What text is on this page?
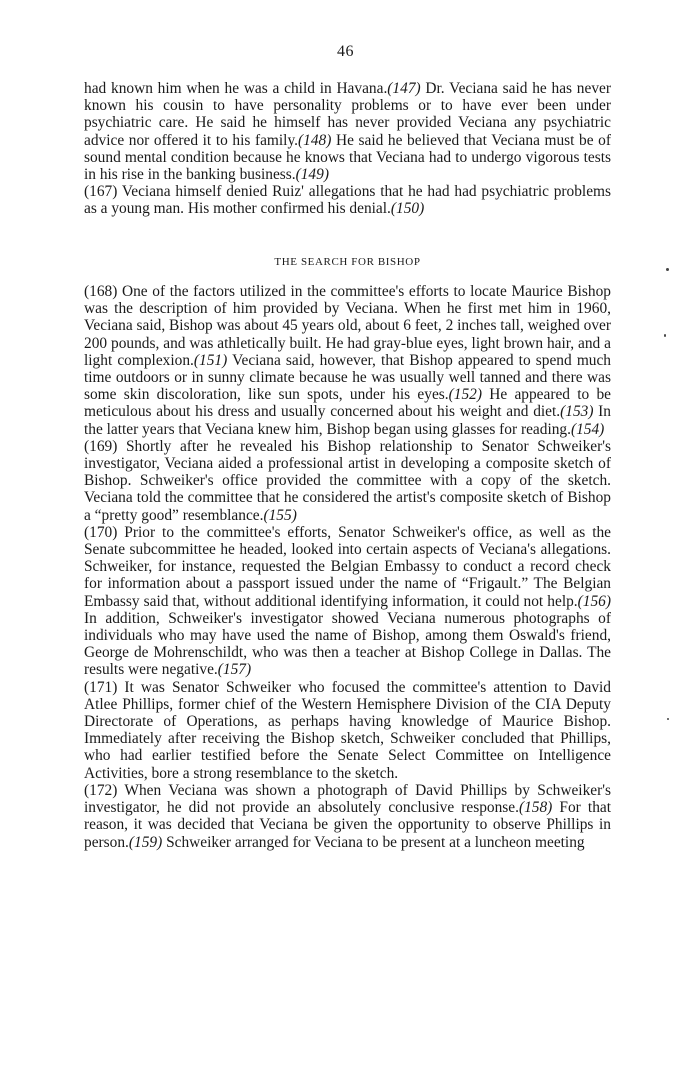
46

had known him when he was a child in Havana.(147) Dr. Veciana said he has never known his cousin to have personality problems or to have ever been under psychiatric care. He said he himself has never provided Veciana any psychiatric advice nor offered it to his family.(148) He said he believed that Veciana must be of sound mental condition because he knows that Veciana had to undergo vigorous tests in his rise in the banking business.(149)

(167) Veciana himself denied Ruiz' allegations that he had had psychiatric problems as a young man. His mother confirmed his denial.(150)

THE SEARCH FOR BISHOP

(168) One of the factors utilized in the committee's efforts to locate Maurice Bishop was the description of him provided by Veciana. When he first met him in 1960, Veciana said, Bishop was about 45 years old, about 6 feet, 2 inches tall, weighed over 200 pounds, and was athletically built. He had gray-blue eyes, light brown hair, and a light complexion.(151) Veciana said, however, that Bishop appeared to spend much time outdoors or in sunny climate because he was usually well tanned and there was some skin discoloration, like sun spots, under his eyes.(152) He appeared to be meticulous about his dress and usually concerned about his weight and diet.(153) In the latter years that Veciana knew him, Bishop began using glasses for reading.(154)

(169) Shortly after he revealed his Bishop relationship to Senator Schweiker's investigator, Veciana aided a professional artist in developing a composite sketch of Bishop. Schweiker's office provided the committee with a copy of the sketch. Veciana told the committee that he considered the artist's composite sketch of Bishop a “pretty good” resemblance.(155)

(170) Prior to the committee's efforts, Senator Schweiker's office, as well as the Senate subcommittee he headed, looked into certain aspects of Veciana's allegations. Schweiker, for instance, requested the Belgian Embassy to conduct a record check for information about a passport issued under the name of “Frigault.” The Belgian Embassy said that, without additional identifying information, it could not help.(156) In addition, Schweiker's investigator showed Veciana numerous photographs of individuals who may have used the name of Bishop, among them Oswald's friend, George de Mohrenschildt, who was then a teacher at Bishop College in Dallas. The results were negative.(157)

(171) It was Senator Schweiker who focused the committee's attention to David Atlee Phillips, former chief of the Western Hemisphere Division of the CIA Deputy Directorate of Operations, as perhaps having knowledge of Maurice Bishop. Immediately after receiving the Bishop sketch, Schweiker concluded that Phillips, who had earlier testified before the Senate Select Committee on Intelligence Activities, bore a strong resemblance to the sketch.

(172) When Veciana was shown a photograph of David Phillips by Schweiker's investigator, he did not provide an absolutely conclusive response.(158) For that reason, it was decided that Veciana be given the opportunity to observe Phillips in person.(159) Schweiker arranged for Veciana to be present at a luncheon meeting
